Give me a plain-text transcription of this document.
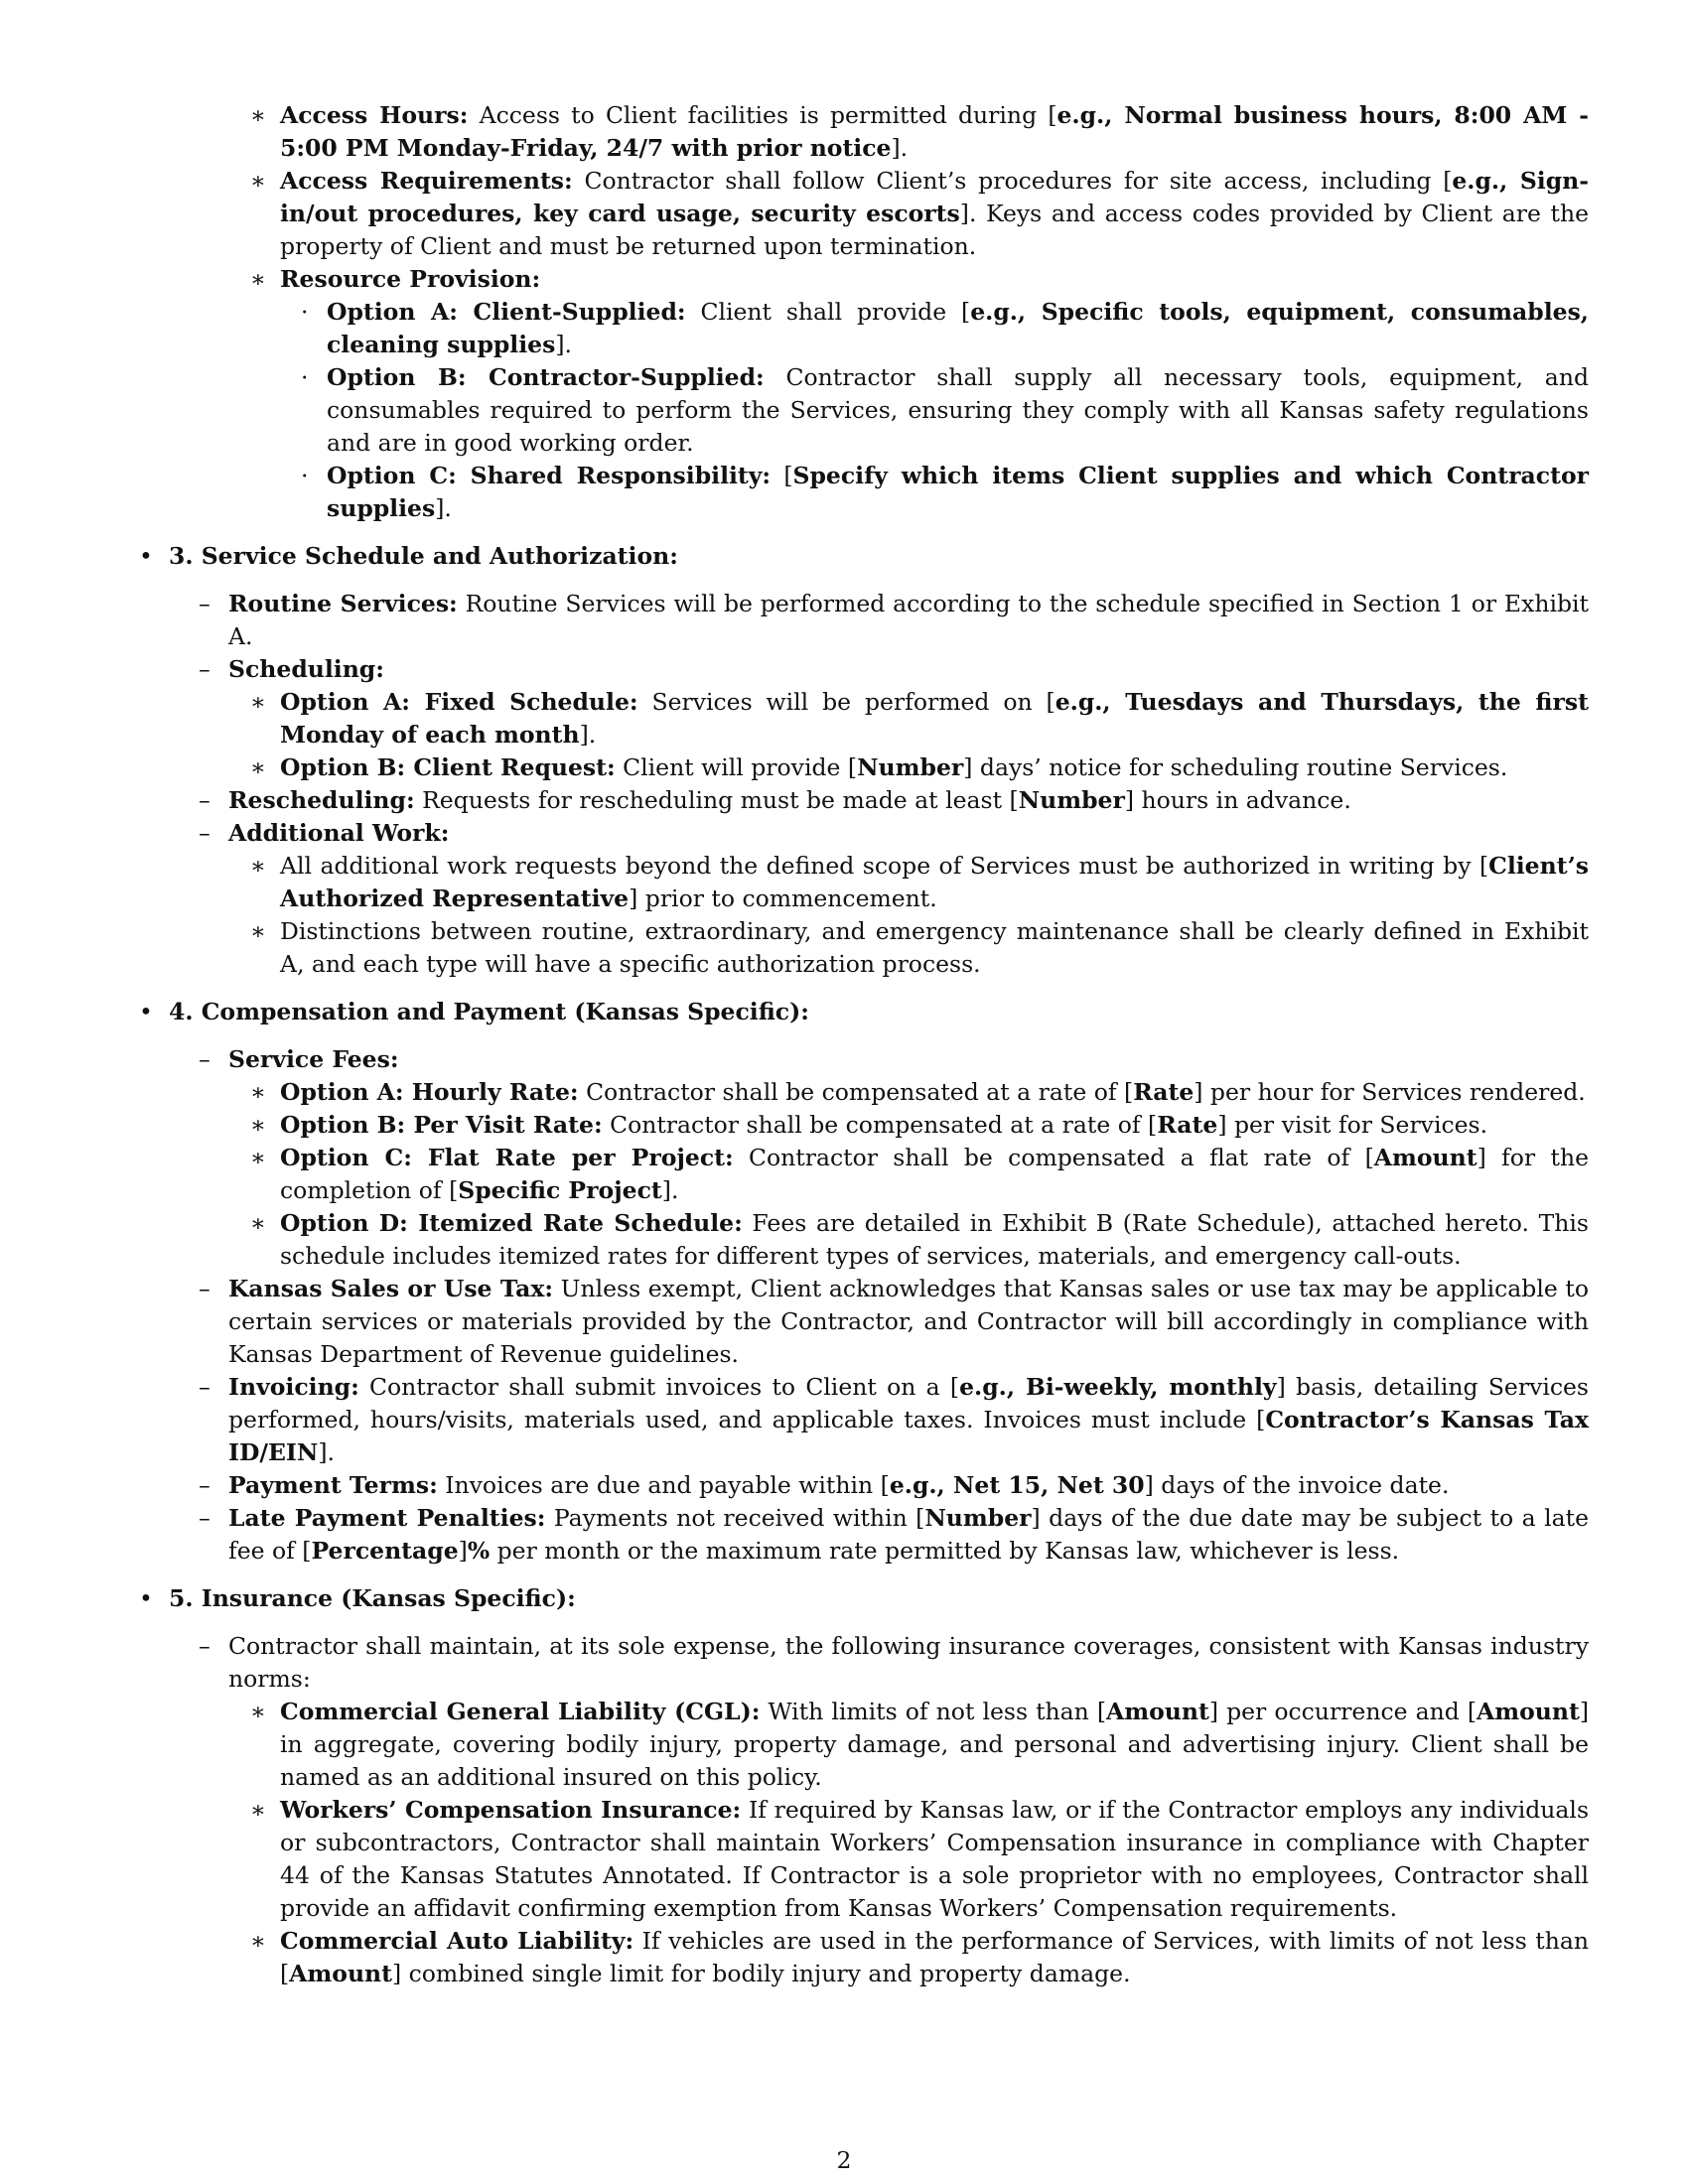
∗ Access Hours: Access to Client facilities is permitted during [e.g., Normal business hours, 8:00 AM - 5:00 PM Monday-Friday, 24/7 with prior notice].
∗ Access Requirements: Contractor shall follow Client’s procedures for site access, including [e.g., Sign-in/out procedures, key card usage, security escorts]. Keys and access codes provided by Client are the property of Client and must be returned upon termination.
∗ Resource Provision:
· Option A: Client-Supplied: Client shall provide [e.g., Specific tools, equipment, consumables, cleaning supplies].
· Option B: Contractor-Supplied: Contractor shall supply all necessary tools, equipment, and consumables required to perform the Services, ensuring they comply with all Kansas safety regulations and are in good working order.
· Option C: Shared Responsibility: [Specify which items Client supplies and which Contractor supplies].
• 3. Service Schedule and Authorization:
– Routine Services: Routine Services will be performed according to the schedule specified in Section 1 or Exhibit A.
– Scheduling:
∗ Option A: Fixed Schedule: Services will be performed on [e.g., Tuesdays and Thursdays, the first Monday of each month].
∗ Option B: Client Request: Client will provide [Number] days’ notice for scheduling routine Services.
– Rescheduling: Requests for rescheduling must be made at least [Number] hours in advance.
– Additional Work:
∗ All additional work requests beyond the defined scope of Services must be authorized in writing by [Client’s Authorized Representative] prior to commencement.
∗ Distinctions between routine, extraordinary, and emergency maintenance shall be clearly defined in Exhibit A, and each type will have a specific authorization process.
• 4. Compensation and Payment (Kansas Specific):
– Service Fees:
∗ Option A: Hourly Rate: Contractor shall be compensated at a rate of [Rate] per hour for Services rendered.
∗ Option B: Per Visit Rate: Contractor shall be compensated at a rate of [Rate] per visit for Services.
∗ Option C: Flat Rate per Project: Contractor shall be compensated a flat rate of [Amount] for the completion of [Specific Project].
∗ Option D: Itemized Rate Schedule: Fees are detailed in Exhibit B (Rate Schedule), attached hereto. This schedule includes itemized rates for different types of services, materials, and emergency call-outs.
– Kansas Sales or Use Tax: Unless exempt, Client acknowledges that Kansas sales or use tax may be applicable to certain services or materials provided by the Contractor, and Contractor will bill accordingly in compliance with Kansas Department of Revenue guidelines.
– Invoicing: Contractor shall submit invoices to Client on a [e.g., Bi-weekly, monthly] basis, detailing Services performed, hours/visits, materials used, and applicable taxes. Invoices must include [Contractor’s Kansas Tax ID/EIN].
– Payment Terms: Invoices are due and payable within [e.g., Net 15, Net 30] days of the invoice date.
– Late Payment Penalties: Payments not received within [Number] days of the due date may be subject to a late fee of [Percentage]% per month or the maximum rate permitted by Kansas law, whichever is less.
• 5. Insurance (Kansas Specific):
– Contractor shall maintain, at its sole expense, the following insurance coverages, consistent with Kansas industry norms:
∗ Commercial General Liability (CGL): With limits of not less than [Amount] per occurrence and [Amount] in aggregate, covering bodily injury, property damage, and personal and advertising injury. Client shall be named as an additional insured on this policy.
∗ Workers’ Compensation Insurance: If required by Kansas law, or if the Contractor employs any individuals or subcontractors, Contractor shall maintain Workers’ Compensation insurance in compliance with Chapter 44 of the Kansas Statutes Annotated. If Contractor is a sole proprietor with no employees, Contractor shall provide an affidavit confirming exemption from Kansas Workers’ Compensation requirements.
∗ Commercial Auto Liability: If vehicles are used in the performance of Services, with limits of not less than [Amount] combined single limit for bodily injury and property damage.
2
